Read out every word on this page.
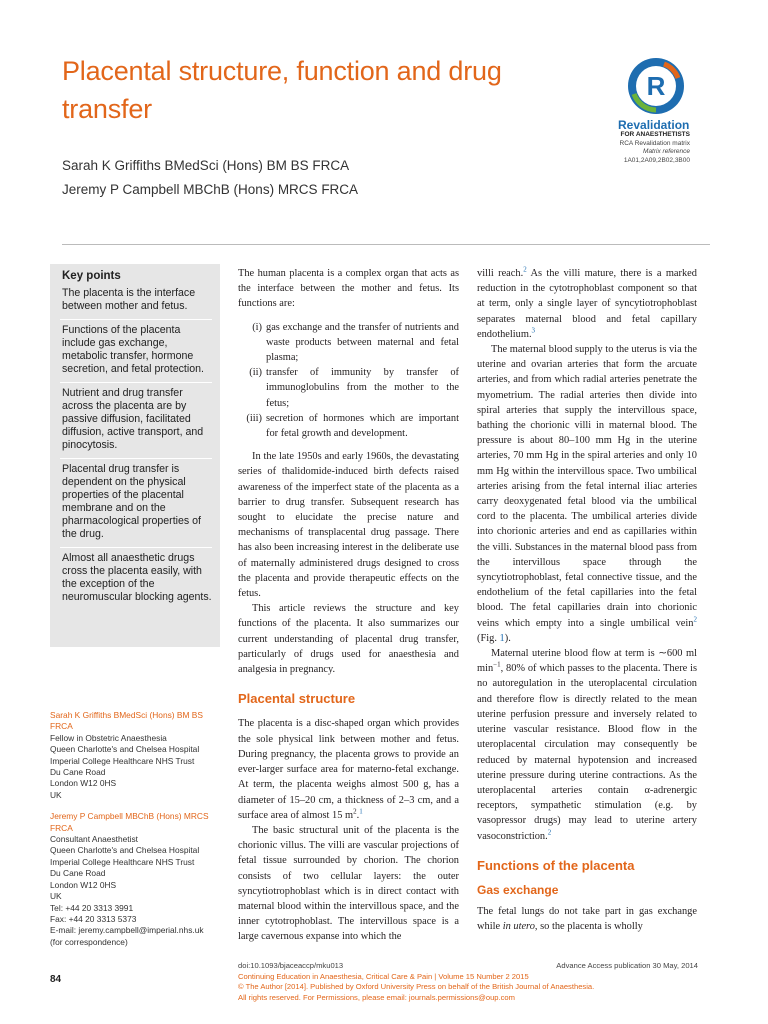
Placental structure, function and drug transfer
R
Revalidation
FOR ANAESTHETISTS
RCA Revalidation matrix
Matrix reference
1A01,2A09,2B02,3B00
Sarah K Griffiths BMedSci (Hons) BM BS FRCA
Jeremy P Campbell MBChB (Hons) MRCS FRCA
Key points

The placenta is the interface between mother and fetus.

Functions of the placenta include gas exchange, metabolic transfer, hormone secretion, and fetal protection.

Nutrient and drug transfer across the placenta are by passive diffusion, facilitated diffusion, active transport, and pinocytosis.

Placental drug transfer is dependent on the physical properties of the placental membrane and on the pharmacological properties of the drug.

Almost all anaesthetic drugs cross the placenta easily, with the exception of the neuromuscular blocking agents.

Sarah K Griffiths BMedSci (Hons) BM BS FRCA
Fellow in Obstetric Anaesthesia
Queen Charlotte's and Chelsea Hospital
Imperial College Healthcare NHS Trust
Du Cane Road
London W12 0HS
UK
Jeremy P Campbell MBChB (Hons) MRCS FRCA
Consultant Anaesthetist
Queen Charlotte's and Chelsea Hospital
Imperial College Healthcare NHS Trust
Du Cane Road
London W12 0HS
UK
Tel: +44 20 3313 3991
Fax: +44 20 3313 5373
E-mail: jeremy.campbell@imperial.nhs.uk
(for correspondence)
84

The human placenta is a complex organ that acts as the interface between the mother and fetus. Its functions are:

(i) gas exchange and the transfer of nutrients and waste products between maternal and fetal plasma;
(ii) transfer of immunity by transfer of immunoglobulins from the mother to the fetus;
(iii) secretion of hormones which are important for fetal growth and development.

In the late 1950s and early 1960s, the devastating series of thalidomide-induced birth defects raised awareness of the imperfect state of the placenta as a barrier to drug transfer. Subsequent research has sought to elucidate the precise nature and mechanisms of transplacental drug passage. There has also been increasing interest in the deliberate use of maternally administered drugs designed to cross the placenta and provide therapeutic effects on the fetus.

This article reviews the structure and key functions of the placenta. It also summarizes our current understanding of placental drug transfer, particularly of drugs used for anaesthesia and analgesia in pregnancy.

Placental structure

The placenta is a disc-shaped organ which provides the sole physical link between mother and fetus. During pregnancy, the placenta grows to provide an ever-larger surface area for materno-fetal exchange. At term, the placenta weighs almost 500 g, has a diameter of 15–20 cm, a thickness of 2–3 cm, and a surface area of almost 15 m$^2$.$^1$

The basic structural unit of the placenta is the chorionic villus. The villi are vascular projections of fetal tissue surrounded by chorion. The chorion consists of two cellular layers: the outer syncytiotrophoblast which is in direct contact with maternal blood within the intervillous space, and the inner cytotrophoblast. The intervillous space is a large cavernous expanse into which the

villi reach.$^2$ As the villi mature, there is a marked reduction in the cytotrophoblast component so that at term, only a single layer of syncytiotrophoblast separates maternal blood and fetal capillary endothelium.$^3$

The maternal blood supply to the uterus is via the uterine and ovarian arteries that form the arcuate arteries, and from which radial arteries penetrate the myometrium. The radial arteries then divide into spiral arteries that supply the intervillous space, bathing the chorionic villi in maternal blood. The pressure is about 80–100 mm Hg in the uterine arteries, 70 mm Hg in the spiral arteries and only 10 mm Hg within the intervillous space. Two umbilical arteries arising from the fetal internal iliac arteries carry deoxygenated fetal blood via the umbilical cord to the placenta. The umbilical arteries divide into chorionic arteries and end as capillaries within the villi. Substances in the maternal blood pass from the intervillous space through the syncytiotrophoblast, fetal connective tissue, and the endothelium of the fetal capillaries into the fetal blood. The fetal capillaries drain into chorionic veins which empty into a single umbilical vein$^2$ (Fig. 1).

Maternal uterine blood flow at term is ∼600 ml min$^{-1}$, 80% of which passes to the placenta. There is no autoregulation in the uteroplacental circulation and therefore flow is directly related to the mean uterine perfusion pressure and inversely related to uterine vascular resistance. Blood flow in the uteroplacental circulation may consequently be reduced by maternal hypotension and increased uterine pressure during uterine contractions. As the uteroplacental arteries contain α-adrenergic receptors, sympathetic stimulation (e.g. by vasopressor drugs) may lead to uterine artery vasoconstriction.$^2$

Functions of the placenta
Gas exchange

The fetal lungs do not take part in gas exchange while in utero, so the placenta is wholly

doi:10.1093/bjaceaccp/mku013	Advance Access publication 30 May, 2014
Continuing Education in Anaesthesia, Critical Care & Pain | Volume 15 Number 2 2015
© The Author [2014]. Published by Oxford University Press on behalf of the British Journal of Anaesthesia.
All rights reserved. For Permissions, please email: journals.permissions@oup.com
